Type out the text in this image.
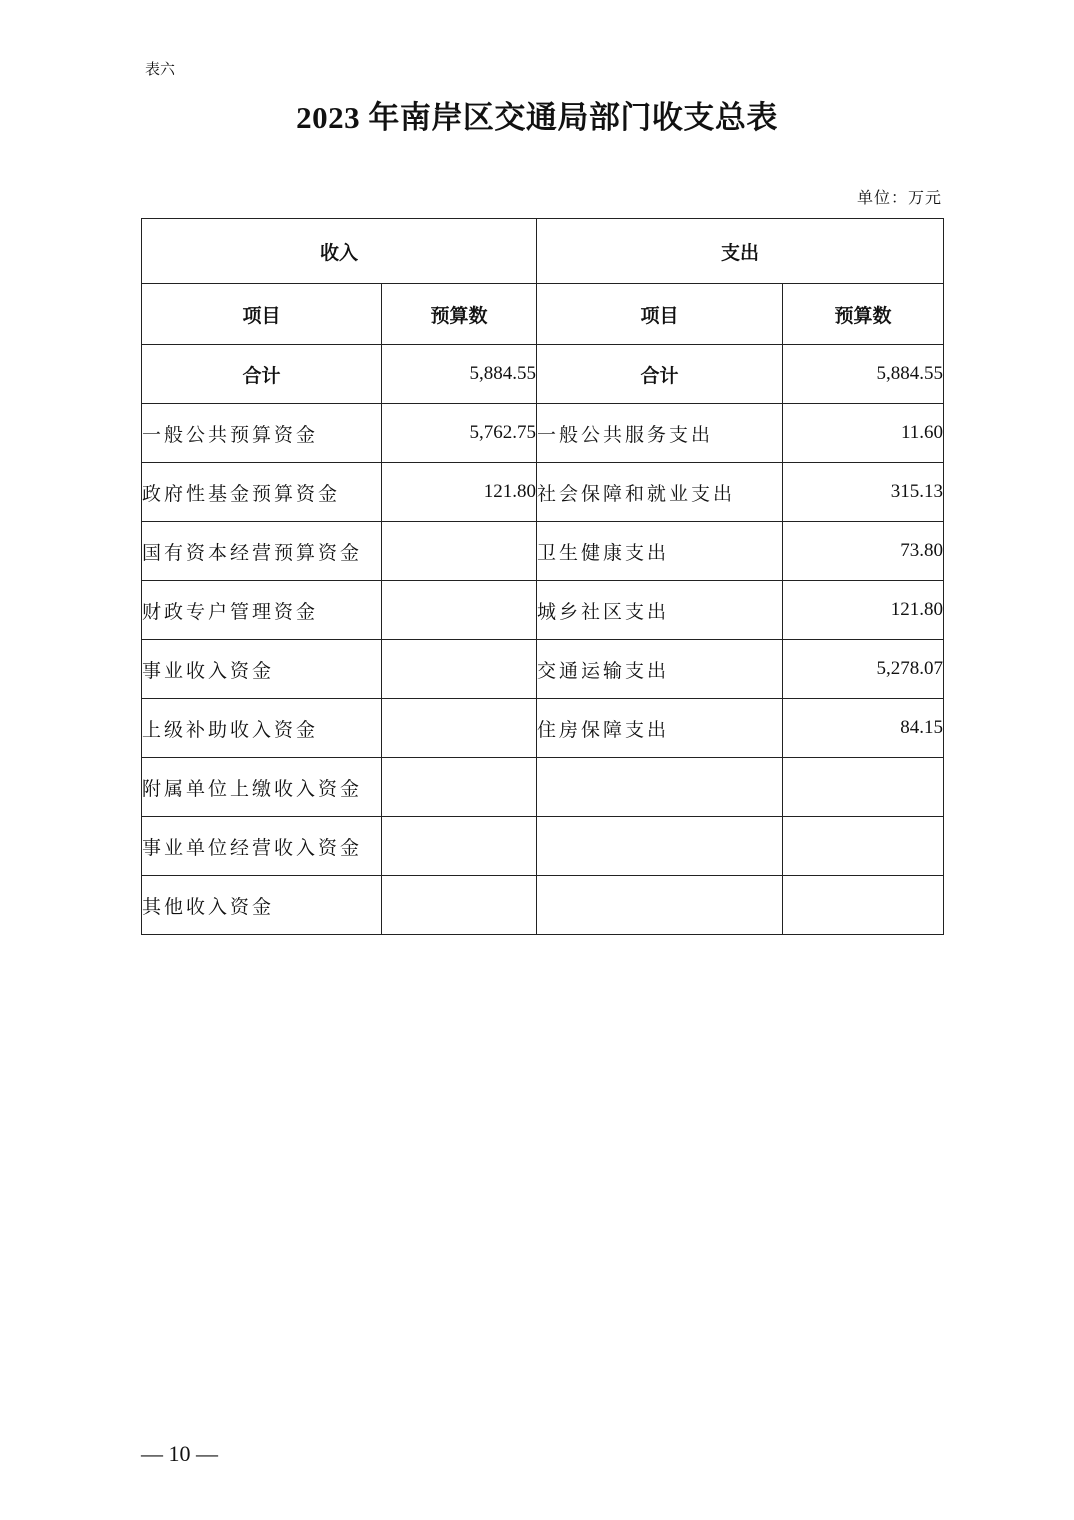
表六
2023 年南岸区交通局部门收支总表
单位：万元
收入		支出	
项目	预算数	项目	预算数
合计	5,884.55	合计	5,884.55
一般公共预算资金	5,762.75	一般公共服务支出	11.60
政府性基金预算资金	121.80	社会保障和就业支出	315.13
国有资本经营预算资金		卫生健康支出	73.80
财政专户管理资金		城乡社区支出	121.80
事业收入资金		交通运输支出	5,278.07
上级补助收入资金		住房保障支出	84.15
附属单位上缴收入资金			
事业单位经营收入资金			
其他收入资金			
— 10 —
